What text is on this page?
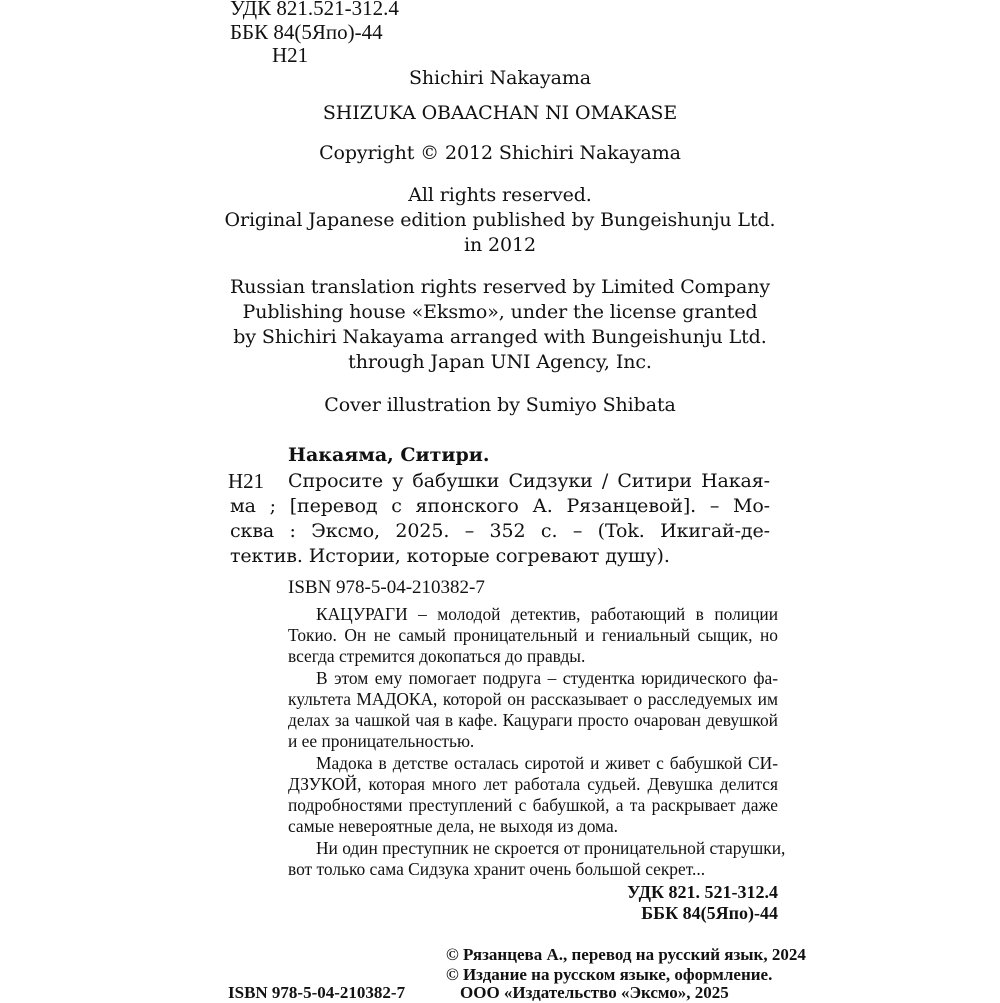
УДК 821.521-312.4
ББК 84(5Япо)-44
Н21
Shichiri Nakayama
SHIZUKA OBAACHAN NI OMAKASE
Copyright © 2012 Shichiri Nakayama
All rights reserved.
Original Japanese edition published by Bungeishunju Ltd.
in 2012
Russian translation rights reserved by Limited Company
Publishing house «Eksmo», under the license granted
by Shichiri Nakayama arranged with Bungeishunju Ltd.
through Japan UNI Agency, Inc.
Cover illustration by Sumiyo Shibata
Накаяма, Ситири.
Н21 Спросите у бабушки Сидзуки / Ситири Накая-
ма ; [перевод с японского А. Рязанцевой]. – Мо-
сква : Эксмо, 2025. – 352 с. – (Tok. Икигай-де-
тектив. Истории, которые согревают душу).
ISBN 978-5-04-210382-7
КАЦУРАГИ – молодой детектив, работающий в полиции
Токио. Он не самый проницательный и гениальный сыщик, но
всегда стремится докопаться до правды.
В этом ему помогает подруга – студентка юридического фа-
культета МАДОКА, которой он рассказывает о расследуемых им
делах за чашкой чая в кафе. Кацураги просто очарован девушкой
и ее проницательностью.
Мадока в детстве осталась сиротой и живет с бабушкой СИ-
ДЗУКОЙ, которая много лет работала судьей. Девушка делится
подробностями преступлений с бабушкой, а та раскрывает даже
самые невероятные дела, не выходя из дома.
Ни один преступник не скроется от проницательной старушки,
вот только сама Сидзука хранит очень большой секрет...
УДК 821. 521-312.4
ББК 84(5Япо)-44
© Рязанцева А., перевод на русский язык, 2024
© Издание на русском языке, оформление.
ISBN 978-5-04-210382-7	ООО «Издательство «Эксмо», 2025
